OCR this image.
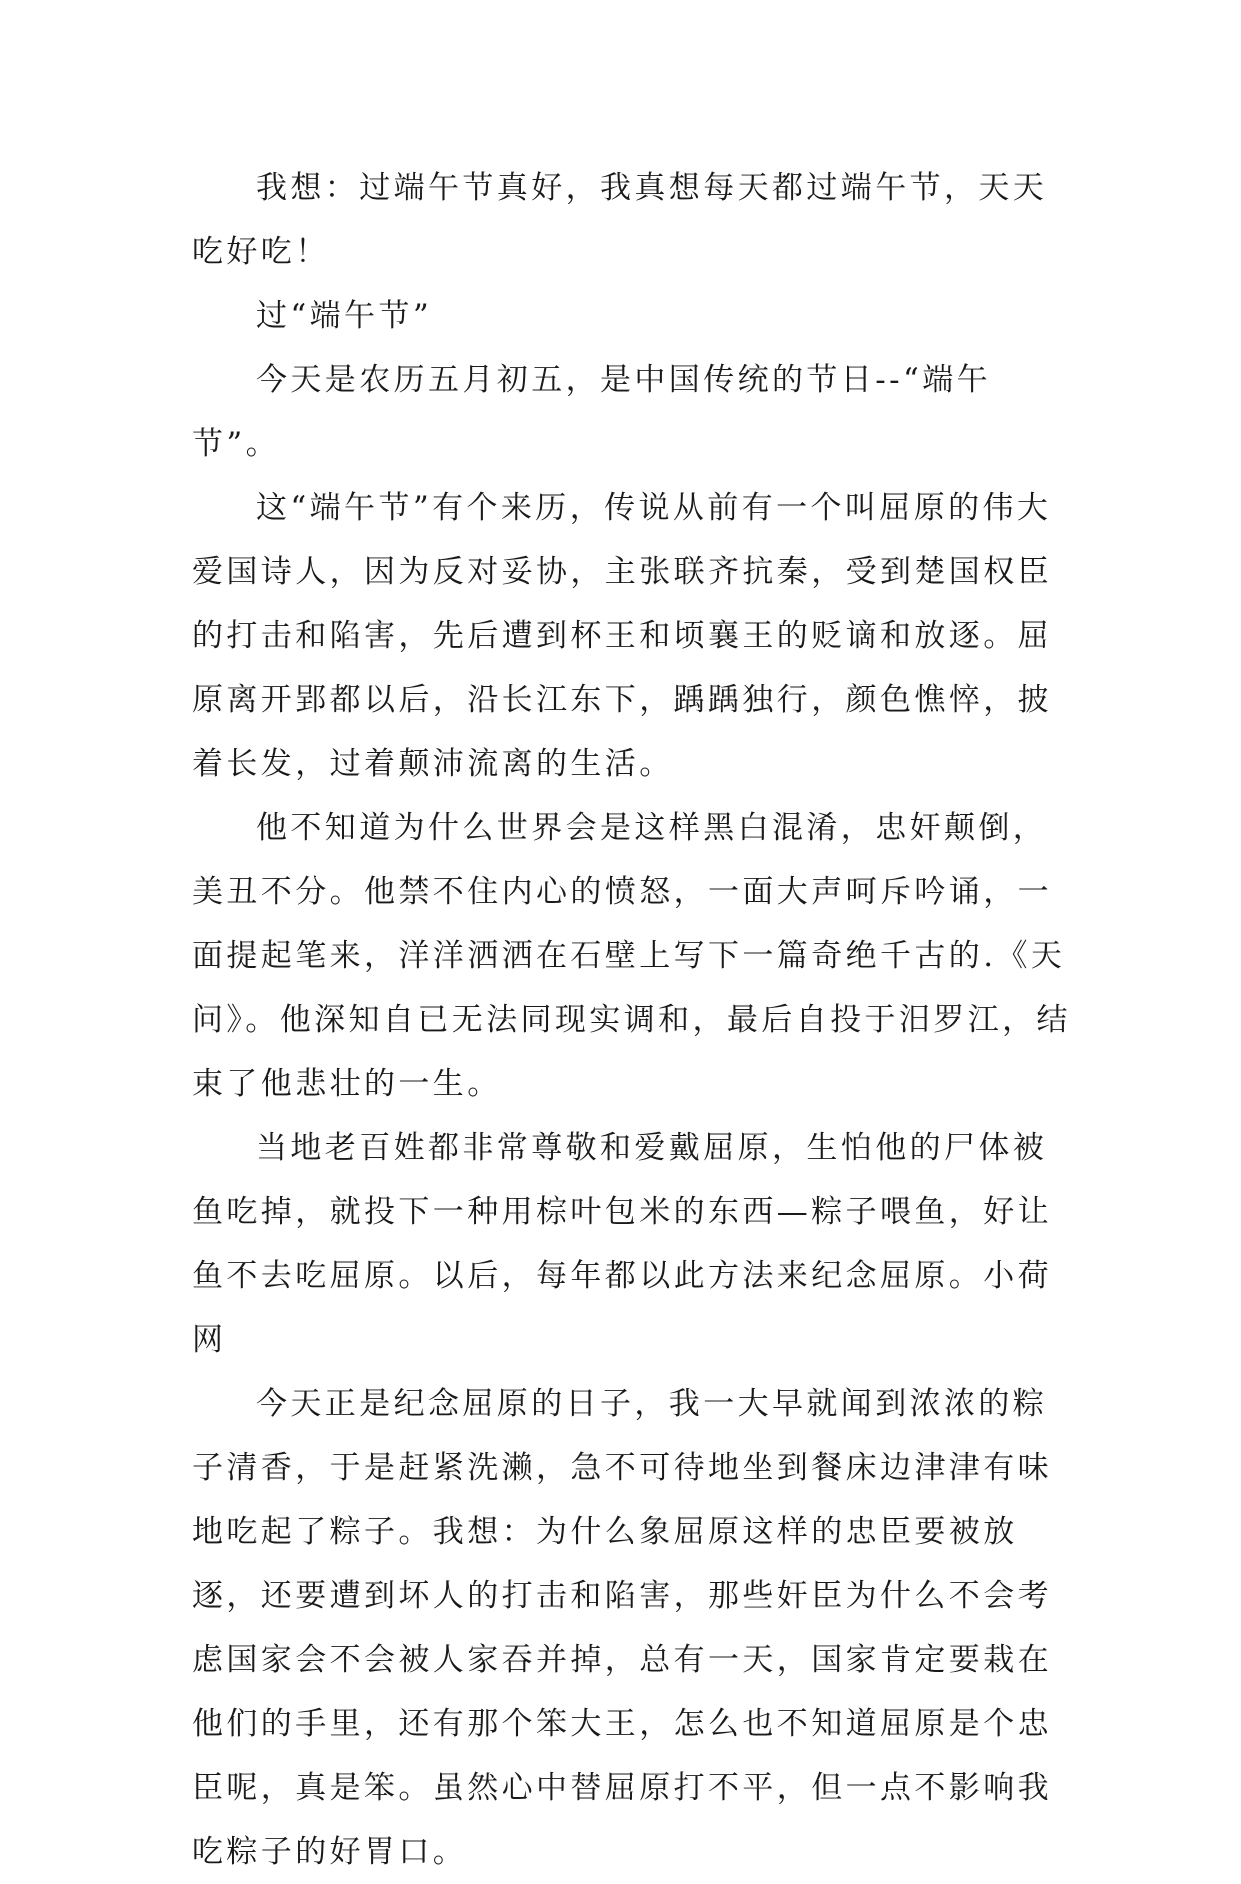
我想：过端午节真好，我真想每天都过端午节，天天吃好吃！

过“端午节”

今天是农历五月初五，是中国传统的节日--“端午节”。

这“端午节”有个来历，传说从前有一个叫屈原的伟大爱国诗人，因为反对妥协，主张联齐抗秦，受到楚国权臣的打击和陷害，先后遭到杯王和顷襄王的贬谪和放逐。屈原离开郢都以后，沿长江东下，踽踽独行，颜色憔悴，披着长发，过着颠沛流离的生活。

他不知道为什么世界会是这样黑白混淆，忠奸颠倒，美丑不分。他禁不住内心的愤怒，一面大声呵斥吟诵，一面提起笔来，洋洋洒洒在石壁上写下一篇奇绝千古的.《天问》。他深知自已无法同现实调和，最后自投于汨罗江，结束了他悲壮的一生。

当地老百姓都非常尊敬和爱戴屈原，生怕他的尸体被鱼吃掉，就投下一种用棕叶包米的东西—粽子喂鱼，好让鱼不去吃屈原。以后，每年都以此方法来纪念屈原。小荷网

今天正是纪念屈原的日子，我一大早就闻到浓浓的粽子清香，于是赶紧洗濑，急不可待地坐到餐床边津津有味地吃起了粽子。我想：为什么象屈原这样的忠臣要被放逐，还要遭到坏人的打击和陷害，那些奸臣为什么不会考虑国家会不会被人家吞并掉，总有一天，国家肯定要栽在他们的手里，还有那个笨大王，怎么也不知道屈原是个忠臣呢，真是笨。虽然心中替屈原打不平，但一点不影响我吃粽子的好胃口。
